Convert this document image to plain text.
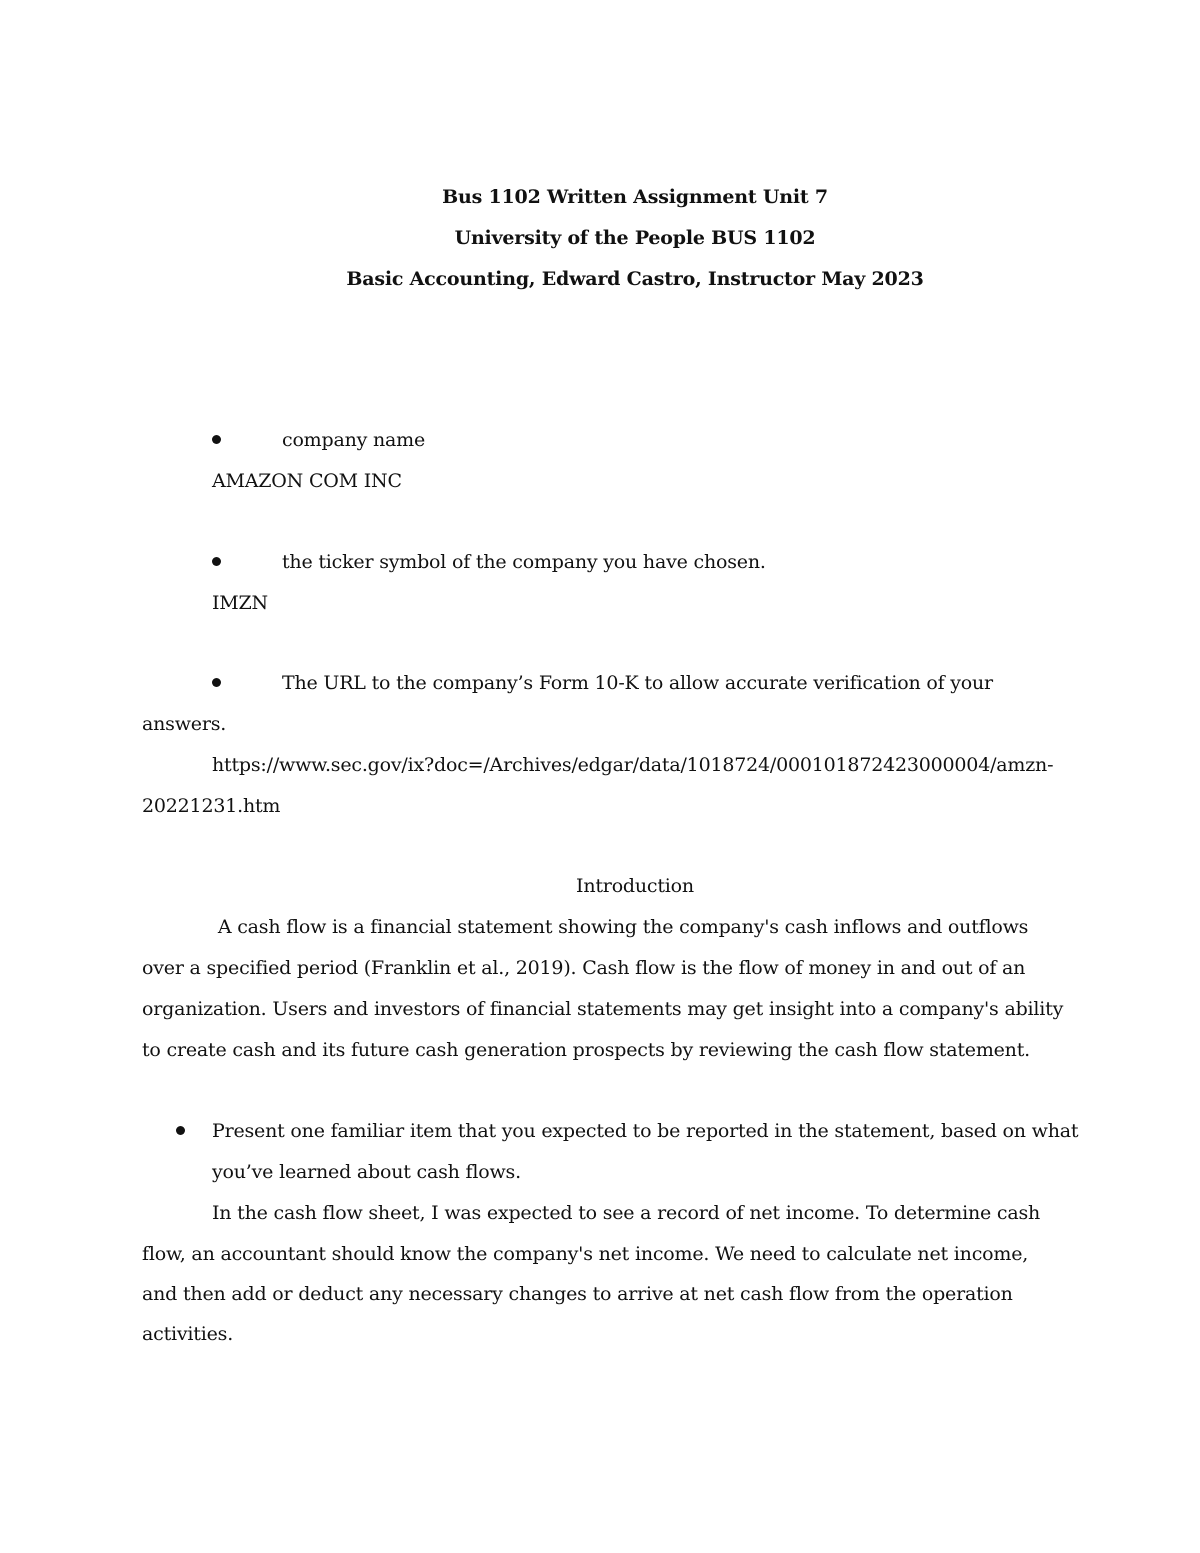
Bus 1102 Written Assignment Unit 7
University of the People BUS 1102
Basic Accounting, Edward Castro, Instructor May 2023
company name
AMAZON COM INC
the ticker symbol of the company you have chosen.
IMZN
The URL to the company’s Form 10-K to allow accurate verification of your
answers.
https://www.sec.gov/ix?doc=/Archives/edgar/data/1018724/000101872423000004/amzn-
20221231.htm
Introduction
A cash flow is a financial statement showing the company's cash inflows and outflows
over a specified period (Franklin et al., 2019). Cash flow is the flow of money in and out of an
organization. Users and investors of financial statements may get insight into a company's ability
to create cash and its future cash generation prospects by reviewing the cash flow statement.
Present one familiar item that you expected to be reported in the statement, based on what
you’ve learned about cash flows.
In the cash flow sheet, I was expected to see a record of net income. To determine cash
flow, an accountant should know the company's net income. We need to calculate net income,
and then add or deduct any necessary changes to arrive at net cash flow from the operation
activities.
